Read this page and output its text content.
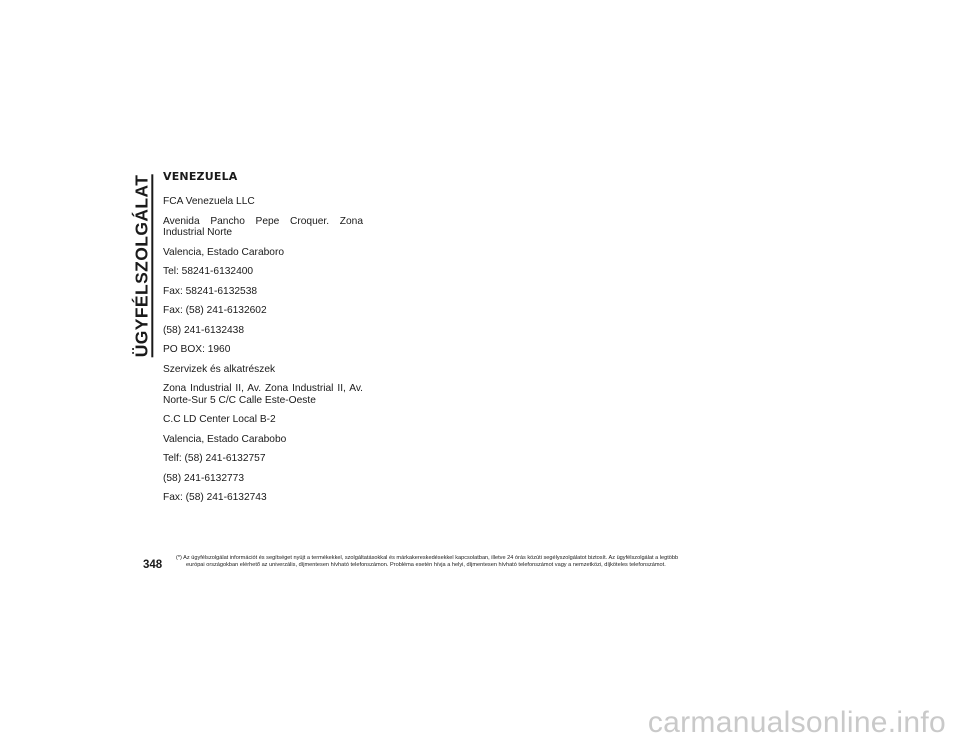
ÜGYFÉLSZOLGÁLAT VENEZUELA

FCA Venezuela LLC

Avenida Pancho Pepe Croquer. Zona Industrial Norte

Valencia, Estado Caraboro

Tel: 58241-6132400

Fax: 58241-6132538

Fax: (58) 241-6132602

(58) 241-6132438

PO BOX: 1960

Szervizek és alkatrészek

Zona Industrial II, Av. Zona Industrial II, Av. Norte-Sur 5 C/C Calle Este-Oeste

C.C LD Center Local B-2

Valencia, Estado Carabobo

Telf: (58) 241-6132757

(58) 241-6132773

Fax: (58) 241-6132743

348
(*) Az ügyfélszolgálat információt és segítséget nyújt a termékekkel, szolgáltatásokkal és márkakereskedésekkel kapcsolatban, illetve 24 órás közúti segélyszolgálatot biztosít. Az ügyfélszolgálat a legtöbb
európai országokban elérhető az univerzális, díjmentesen hívható telefonszámon. Probléma esetén hívja a helyi, díjmentesen hívható telefonszámot vagy a nemzetközi, díjköteles telefonszámot.
carmanualsonline.info
